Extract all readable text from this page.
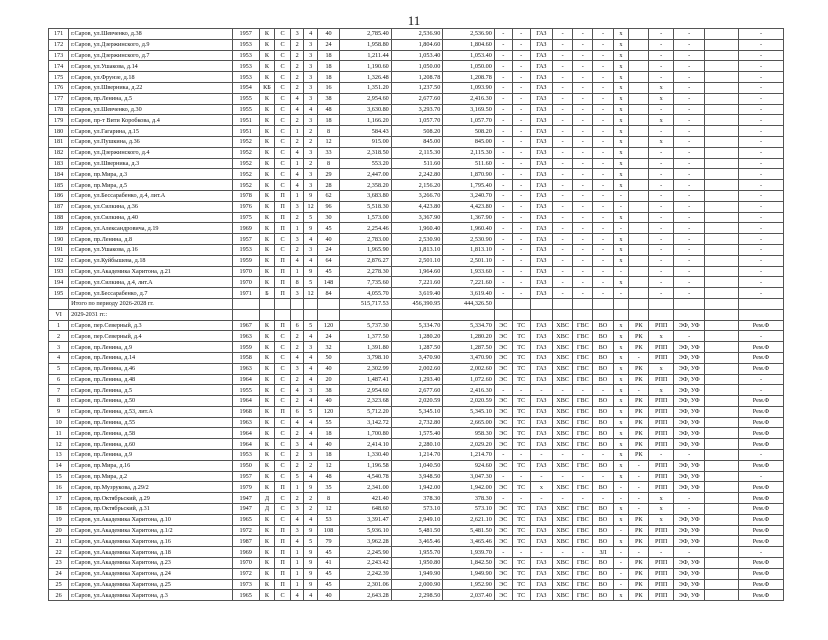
11
171	г.Саров, ул.Шевченко, д.38	1957	К	С	3	4	40	2,785.40	2,536.90	2,536.90	-	-	ГАЗ	-	-	-	х		-	-		-
172	г.Саров, ул.Дзержинского, д.9	1953	К	С	2	3	24	1,958.80	1,804.60	1,804.60	-	-	ГАЗ	-	-	-	х		-	-		-
173	г.Саров, ул.Дзержинского, д.7	1953	К	С	2	3	18	1,211.44	1,053.40	1,053.40	-	-	ГАЗ	-	-	-	х		-	-		-
174	г.Саров, ул.Ушакова, д.14	1953	К	С	2	3	18	1,190.60	1,050.00	1,050.00	-	-	ГАЗ	-	-	-	х		-	-		-
175	г.Саров, ул.Фрунзе, д.18	1953	К	С	2	3	18	1,326.48	1,208.78	1,208.78	-	-	ГАЗ	-	-	-	х		-	-		-
176	г.Саров, ул.Шверника, д.22	1954	КБ	С	2	3	16	1,351.20	1,237.50	1,093.90	-	-	ГАЗ	-	-	-	х		х	-		-
177	г.Саров, пр.Ленина, д.5	1955	К	С	4	3	38	2,954.60	2,677.60	2,416.30	-	-	ГАЗ	-	-	-	х		х	-		-
178	г.Саров, ул.Шевченко, д.30	1955	К	С	4	4	48	3,630.80	3,293.70	3,169.50	-	-	ГАЗ	-	-	-	х		-	-		-
179	г.Саров, пр-т Вити Коробкова, д.4	1951	К	С	2	3	18	1,166.20	1,057.70	1,057.70	-	-	ГАЗ	-	-	-	х		х	-		-
180	г.Саров, ул.Гагарина, д.15	1951	К	С	1	2	8	584.43	508.20	508.20	-	-	ГАЗ	-	-	-	х		-	-		-
181	г.Саров, ул.Пушкина, д.36	1952	К	С	2	2	12	915.00	845.00	845.00	-	-	ГАЗ	-	-	-	х		х	-		-
182	г.Саров, ул.Дзержинского, д.4	1952	К	С	4	3	33	2,318.50	2,115.30	2,115.30	-	-	ГАЗ	-	-	-	х		-	-		-
183	г.Саров, ул.Шверника, д.3	1952	К	С	1	2	8	553.20	511.60	511.60	-	-	ГАЗ	-	-	-	х		-	-		-
184	г.Саров, пр.Мира, д.3	1952	К	С	4	3	29	2,447.00	2,242.80	1,870.90	-	-	ГАЗ	-	-	-	х		-	-		-
185	г.Саров, пр.Мира, д.5	1952	К	С	4	3	28	2,358.20	2,156.20	1,795.40	-	-	ГАЗ	-	-	-	х		-	-		-
186	г.Саров, ул.Бессарабенко, д.4, лит.А	1978	К	П	1	9	62	3,683.80	3,266.70	3,240.70	-	-	ГАЗ	-	-	-	-		-	-		-
187	г.Саров, ул.Силкина, д.36	1976	К	П	3	12	96	5,518.30	4,423.80	4,423.80	-	-	ГАЗ	-	-	-	-		-	-		-
188	г.Саров, ул.Силкина, д.40	1975	К	П	2	5	30	1,573.00	3,367.90	1,367.90	-	-	ГАЗ	-	-	-	х		-	-		-
189	г.Саров, ул.Александровича, д.19	1969	К	П	1	9	45	2,254.46	1,960.40	1,960.40	-	-	ГАЗ	-	-	-	-		-	-		-
190	г.Саров, пр.Ленина, д.8	1957	К	С	3	4	40	2,783.00	2,530.90	2,530.90	-	-	ГАЗ	-	-	-	х		-	-		-
191	г.Саров, ул.Ушакова, д.16	1953	К	С	2	3	24	1,965.90	1,813.10	1,813.10	-	-	ГАЗ	-	-	-	х		-	-		-
192	г.Саров, ул.Куйбышева, д.18	1959	К	П	4	4	64	2,876.27	2,501.10	2,501.10	-	-	ГАЗ	-	-	-	х		-	-		-
193	г.Саров, ул.Академика Харитона, д.21	1970	К	П	1	9	45	2,278.30	1,964.60	1,933.60	-	-	ГАЗ	-	-	-	-		-	-		-
194	г.Саров, ул.Силкина, д.4, лит.А	1970	К	П	8	5	148	7,735.60	7,221.60	7,221.60	-	-	ГАЗ	-	-	-	х		-	-		-
195	г.Саров, ул.Бессарабенко, д.7	1971	Б	П	3	12	84	4,055.70	3,619.40	3,619.40	-	-	ГАЗ	-	-	-	-		-	-		-
	Итого по периоду 2026-2028 гг.							515,717.53	456,390.95	444,326.50												
VI	2029-2031 гг.:																					
1	г.Саров, пер.Северный, д.3	1967	К	П	6	5	120	5,737.30	5,334.70	5,334.70	ЭС	ТС	ГАЗ	ХВС	ГВС	ВО	х	РК	РПП	ЭФ, УФ		Рем.Ф
2	г.Саров, пер.Северный, д.4	1963	К	С	2	4	24	1,377.50	1,280.20	1,280.20	ЭС	ТС	ГАЗ	ХВС	ГВС	ВО	х	РК	х	-		-
3	г.Саров, пр.Ленина, д.9	1959	К	С	2	3	32	1,391.80	1,287.50	1,287.50	ЭС	ТС	ГАЗ	ХВС	ГВС	ВО	х	РК	РПП	ЭФ, УФ		Рем.Ф
4	г.Саров, пр.Ленина, д.14	1958	К	С	4	4	50	3,798.10	3,470.90	3,470.90	ЭС	ТС	ГАЗ	ХВС	ГВС	ВО	х	-	РПП	ЭФ, УФ		Рем.Ф
5	г.Саров, пр.Ленина, д.46	1963	К	С	3	4	40	2,302.99	2,002.60	2,002.60	ЭС	ТС	ГАЗ	ХВС	ГВС	ВО	х	РК	х	ЭФ, УФ		Рем.Ф
6	г.Саров, пр.Ленина, д.48	1964	К	С	2	4	20	1,487.41	1,293.40	1,072.60	ЭС	ТС	ГАЗ	ХВС	ГВС	ВО	х	РК	РПП	ЭФ, УФ		-
7	г.Саров, пр.Ленина, д.5	1955	К	С	4	3	38	2,954.60	2,677.60	2,416.30	-	-	-	-	-	-	х	-	х	ЭФ, УФ		-
8	г.Саров, пр.Ленина, д.50	1964	К	С	2	4	40	2,323.68	2,020.59	2,020.59	ЭС	ТС	ГАЗ	ХВС	ГВС	ВО	х	РК	РПП	ЭФ, УФ		Рем.Ф
9	г.Саров, пр.Ленина, д.53, лит.А	1968	К	П	6	5	120	5,712.20	5,345.10	5,345.10	ЭС	ТС	ГАЗ	ХВС	ГВС	ВО	х	РК	РПП	ЭФ, УФ		Рем.Ф
10	г.Саров, пр.Ленина, д.55	1963	К	С	4	4	55	3,142.72	2,732.80	2,665.00	ЭС	ТС	ГАЗ	ХВС	ГВС	ВО	х	РК	РПП	ЭФ, УФ		Рем.Ф
11	г.Саров, пр.Ленина, д.58	1964	К	С	2	4	18	1,700.80	1,575.40	958.30	ЭС	ТС	ГАЗ	ХВС	ГВС	ВО	х	РК	РПП	ЭФ, УФ		Рем.Ф
12	г.Саров, пр.Ленина, д.60	1964	К	С	3	4	40	2,414.10	2,280.10	2,029.20	ЭС	ТС	ГАЗ	ХВС	ГВС	ВО	х	РК	РПП	ЭФ, УФ		Рем.Ф
13	г.Саров, пр.Ленина, д.9	1953	К	С	2	3	18	1,330.40	1,214.70	1,214.70	-	-	-	-	-	-	х	РК	-	-		-
14	г.Саров, пр.Мира, д.16	1950	К	С	2	2	12	1,196.58	1,040.50	924.60	ЭС	ТС	ГАЗ	ХВС	ГВС	ВО	х	-	РПП	ЭФ, УФ		Рем.Ф
15	г.Саров, пр.Мира, д.2	1957	К	С	5	4	48	4,540.78	3,948.50	3,047.30	-	-	-	-	-	-	х	-	РПП	ЭФ, УФ		-
16	г.Саров, пр.Музрукова, д.29/2	1979	К	П	1	9	35	2,341.00	1,942.00	1,942.00	ЭС	ТС	х	ХВС	ГВС	ВО	-	-	РПП	ЭФ, УФ		Рем.Ф
17	г.Саров, пр.Октябрьский, д.29	1947	Д	С	2	2	8	421.40	378.30	378.30	-	-	-	-	-	-	-	-	х	-		Рем.Ф
18	г.Саров, пр.Октябрьский, д.31	1947	Д	С	3	2	12	648.60	573.10	573.10	ЭС	ТС	ГАЗ	ХВС	ГВС	ВО	х	-	х	-		Рем.Ф
19	г.Саров, ул.Академика Харитона, д.10	1965	К	С	4	4	53	3,391.47	2,949.10	2,621.10	ЭС	ТС	ГАЗ	ХВС	ГВС	ВО	х	РК	х	ЭФ, УФ		Рем.Ф
20	г.Саров, ул.Академика Харитона, д.1/2	1972	К	П	3	9	108	5,936.10	5,481.50	5,481.50	ЭС	ТС	ГАЗ	ХВС	ГВС	ВО	-	РК	РПП	ЭФ, УФ		Рем.Ф
21	г.Саров, ул.Академика Харитона, д.16	1987	К	П	4	5	79	3,962.28	3,465.46	3,465.46	ЭС	ТС	ГАЗ	ХВС	ГВС	ВО	х	РК	РПП	ЭФ, УФ		Рем.Ф
22	г.Саров, ул.Академика Харитона, д.18	1969	К	П	1	9	45	2,245.90	1,955.70	1,939.70	-	-	-	-	-	ЗЛ	-	-	-	-		-
23	г.Саров, ул.Академика Харитона, д.23	1970	К	П	1	9	41	2,243.42	1,950.80	1,842.50	ЭС	ТС	ГАЗ	ХВС	ГВС	ВО	-	РК	РПП	ЭФ, УФ		Рем.Ф
24	г.Саров, ул.Академика Харитона, д.24	1972	К	П	1	9	45	2,242.39	1,949.90	1,949.90	ЭС	ТС	ГАЗ	ХВС	ГВС	ВО	-	РК	РПП	ЭФ, УФ		Рем.Ф
25	г.Саров, ул.Академика Харитона, д.25	1973	К	П	1	9	45	2,301.06	2,000.90	1,952.90	ЭС	ТС	ГАЗ	ХВС	ГВС	ВО	-	РК	РПП	ЭФ, УФ		Рем.Ф
26	г.Саров, ул.Академика Харитона, д.3	1965	К	С	4	4	40	2,643.28	2,298.50	2,037.40	ЭС	ТС	ГАЗ	ХВС	ГВС	ВО	х	РК	РПП	ЭФ, УФ		Рем.Ф
